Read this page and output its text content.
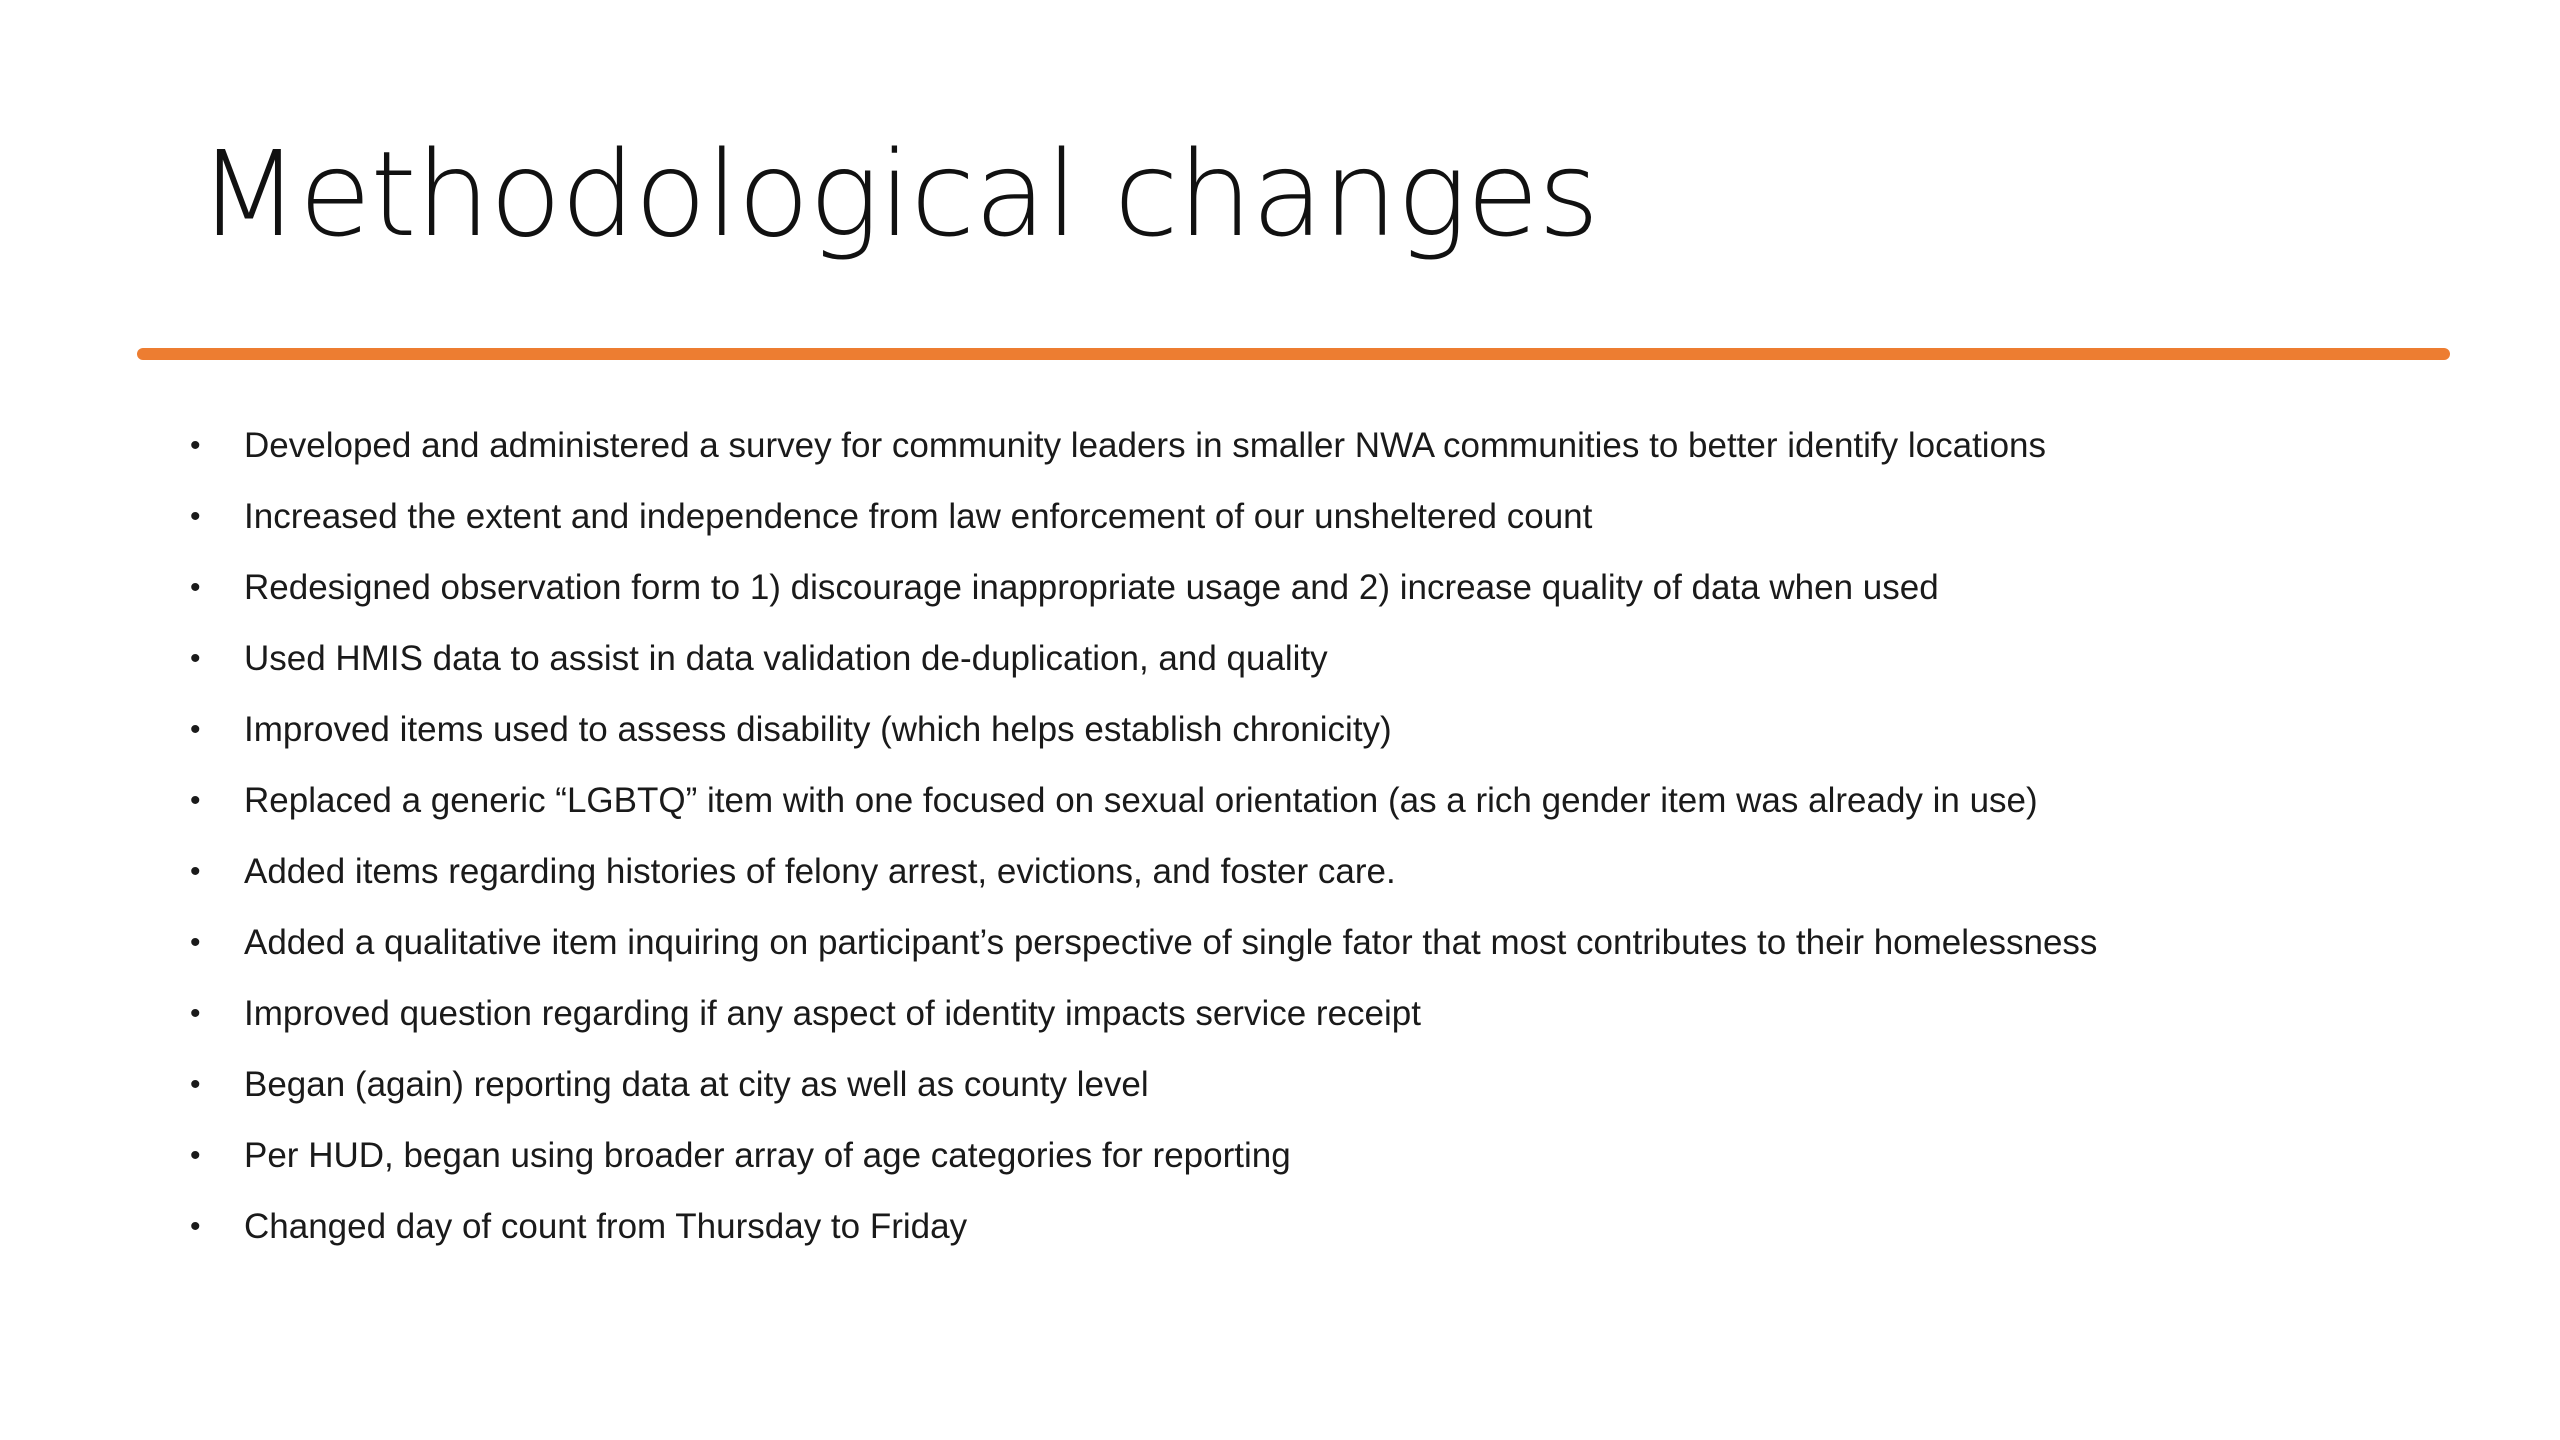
Methodological changes
•	Developed and administered a survey for community leaders in smaller NWA communities to better identify locations
•	Increased the extent and independence from law enforcement of our unsheltered count
•	Redesigned observation form to 1) discourage inappropriate usage and 2) increase quality of data when used
•	Used HMIS data to assist in data validation de-duplication, and quality
•	Improved items used to assess disability (which helps establish chronicity)
•	Replaced a generic “LGBTQ” item with one focused on sexual orientation (as a rich gender item was already in use)
•	Added items regarding histories of felony arrest, evictions, and foster care.
•	Added a qualitative item inquiring on participant’s perspective of single fator that most contributes to their homelessness
•	Improved question regarding if any aspect of identity impacts service receipt
•	Began (again) reporting data at city as well as county level
•	Per HUD, began using broader array of age categories for reporting
•	Changed day of count from Thursday to Friday
